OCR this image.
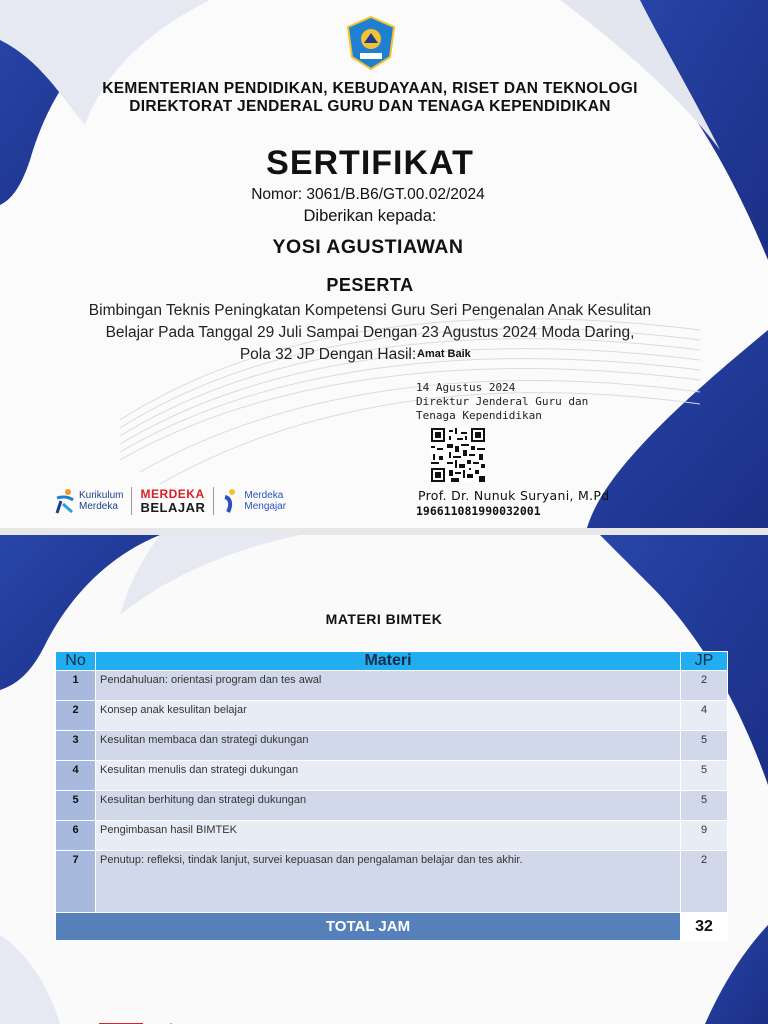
KEMENTERIAN PENDIDIKAN, KEBUDAYAAN, RISET DAN TEKNOLOGI
DIREKTORAT JENDERAL GURU DAN TENAGA KEPENDIDIKAN
SERTIFIKAT
Nomor: 3061/B.B6/GT.00.02/2024
Diberikan kepada:
YOSI AGUSTIAWAN
PESERTA
Bimbingan Teknis Peningkatan Kompetensi Guru Seri Pengenalan Anak Kesulitan
Belajar Pada Tanggal 29 Juli Sampai Dengan 23 Agustus 2024 Moda Daring,
Pola 32 JP Dengan Hasil: Amat Baik
14 Agustus 2024
Direktur Jenderal Guru dan
Tenaga Kependidikan
Prof. Dr. Nunuk Suryani, M.Pd
196611081990032001
Kurikulum
Merdeka
MERDEKA
BELAJAR
Merdeka
Mengajar
MATERI BIMTEK
No	Materi	JP
1	Pendahuluan: orientasi program dan tes awal	2
2	Konsep anak kesulitan belajar	4
3	Kesulitan membaca dan strategi dukungan	5
4	Kesulitan menulis dan strategi dukungan	5
5	Kesulitan berhitung dan strategi dukungan	5
6	Pengimbasan hasil BIMTEK	9
7	Penutup: refleksi, tindak lanjut, survei kepuasan dan pengalaman belajar dan tes akhir.	2
TOTAL JAM		32
